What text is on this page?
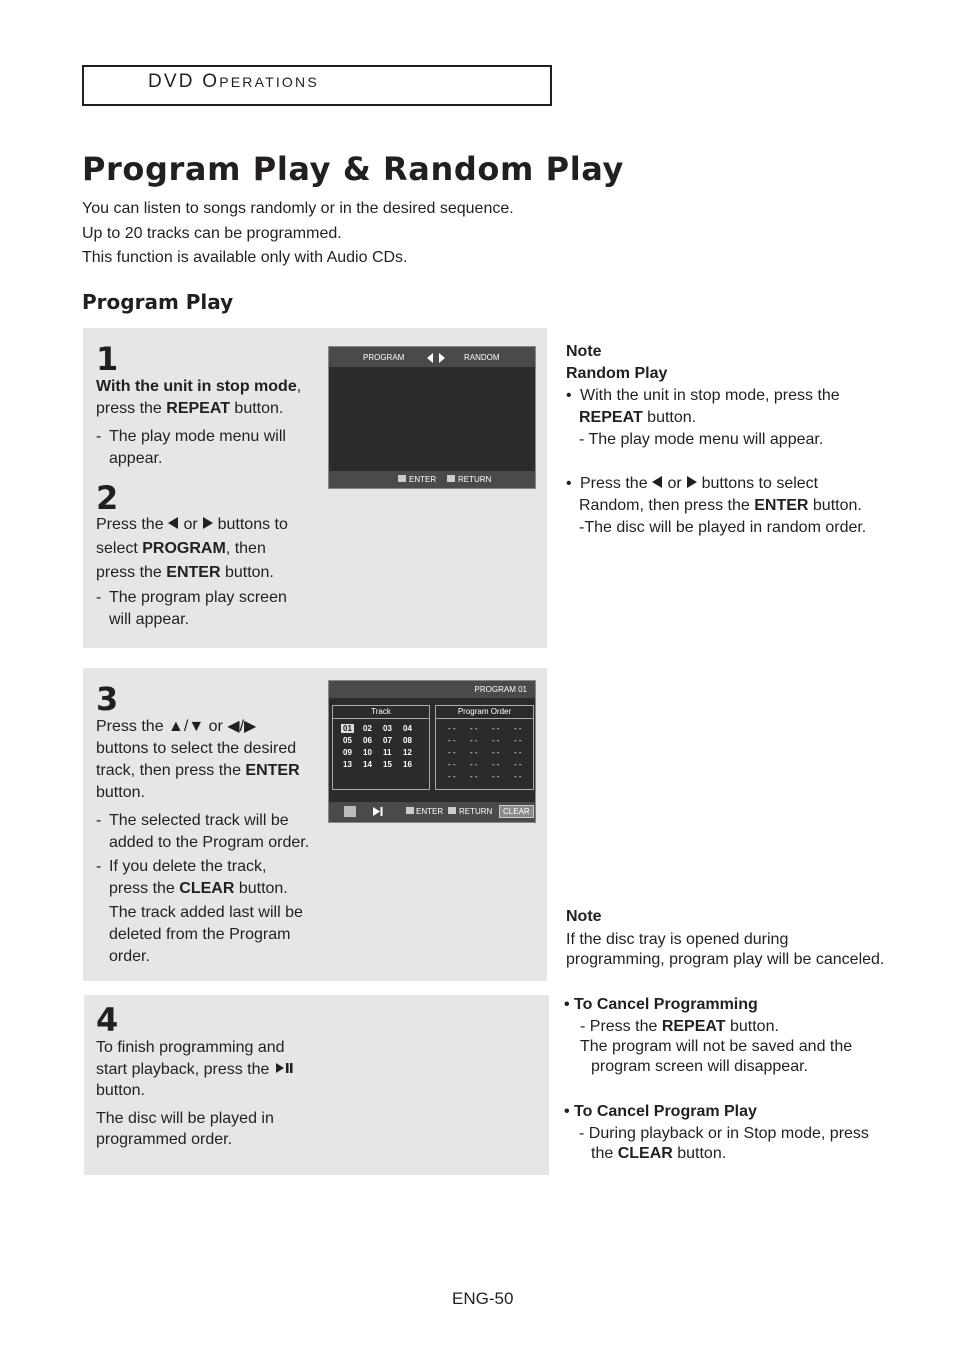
DVD OPERATIONS
Program Play & Random Play
You can listen to songs randomly or in the desired sequence.
Up to 20 tracks can be programmed.
This function is available only with Audio CDs.
Program Play
1
With the unit in stop mode,
press the REPEAT button.
- The play mode menu will
appear.
PROGRAM	RANDOM
ENTER	RETURN
2
Press the  or  buttons to
select PROGRAM, then
press the ENTER button.
- The program play screen
will appear.
3
Press the ▲/▼ or ◀/▶
buttons to select the desired
track, then press the ENTER
button.
- The selected track will be
added to the Program order.
- If you delete the track,
press the CLEAR button.
The track added last will be
deleted from the Program
order.
PROGRAM 01
Track
01 02 03 04
05 06 07 08
09 10 11 12
13 14 15 16
Program Order
- - - - - - - -
- - - - - - - -
- - - - - - - -
- - - - - - - -
- - - - - - - -
ENTER RETURN	CLEAR
4
To finish programming and
start playback, press the
button.
The disc will be played in
programmed order.
Note
Random Play
• With the unit in stop mode, press the
REPEAT button.
- The play mode menu will appear.
• Press the  or  buttons to select
Random, then press the ENTER button.
-The disc will be played in random order.
Note
If the disc tray is opened during
programming, program play will be canceled.
• To Cancel Programming
- Press the REPEAT button.
The program will not be saved and the
program screen will disappear.
• To Cancel Program Play
- During playback or in Stop mode, press
the CLEAR button.
ENG-50
